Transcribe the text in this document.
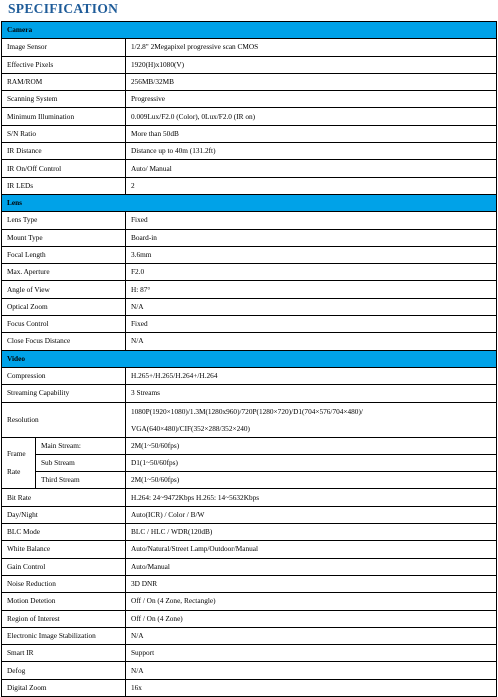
SPECIFICATION
Camera		
Image Sensor		1/2.8" 2Megapixel progressive scan CMOS
Effective Pixels		1920(H)x1080(V)
RAM/ROM		256MB/32MB
Scanning System		Progressive
Minimum Illumination		0.009Lux/F2.0 (Color), 0Lux/F2.0 (IR on)
S/N Ratio		More than 50dB
IR Distance		Distance up to 40m (131.2ft)
IR On/Off Control		Auto/ Manual
IR LEDs		2
Lens		
Lens Type		Fixed
Mount Type		Board-in
Focal Length		3.6mm
Max. Aperture		F2.0
Angle of View		H: 87°
Optical Zoom		N/A
Focus Control		Fixed
Close Focus Distance		N/A
Video		
Compression		H.265+/H.265/H.264+/H.264
Streaming Capability		3 Streams
Resolution		1080P(1920×1080)/1.3M(1280x960)/720P(1280×720)/D1(704×576/704×480)/
VGA(640×480)/CIF(352×288/352×240)

Frame
Rate	Main Stream:	2M(1~50/60fps)
	Sub Stream	D1(1~50/60fps)
	Third Stream	2M(1~50/60fps)
Bit Rate		H.264: 24~9472Kbps H.265: 14~5632Kbps
Day/Night		Auto(ICR) / Color / B/W
BLC Mode		BLC / HLC / WDR(120dB)
White Balance		Auto/Natural/Street Lamp/Outdoor/Manual
Gain Control		Auto/Manual
Noise Reduction		3D DNR
Motion Detetion		Off / On (4 Zone, Rectangle)
Region of Interest		Off / On (4 Zone)
Electronic Image Stabilization		N/A
Smart IR		Support
Defog		N/A
Digital Zoom		16x
